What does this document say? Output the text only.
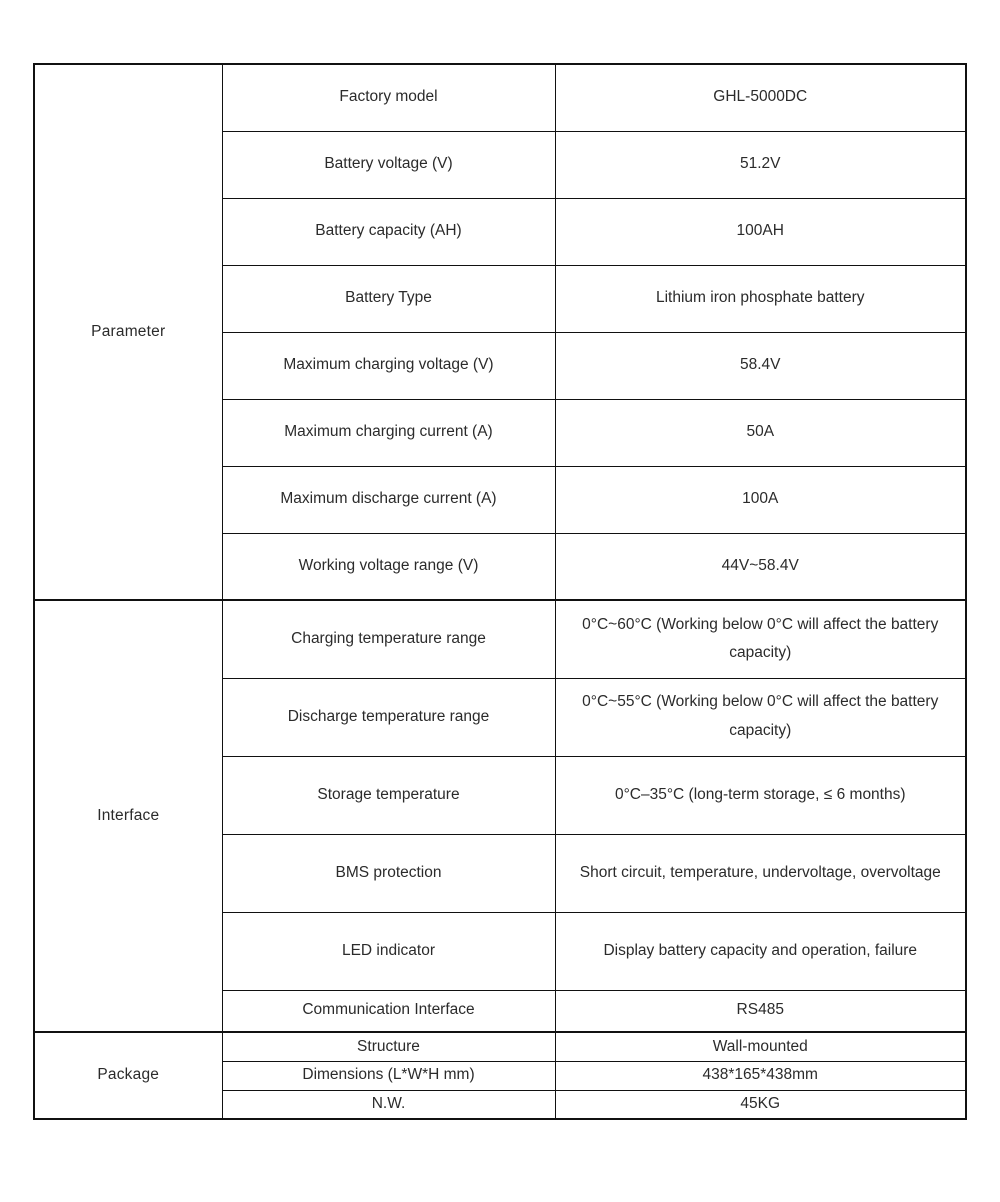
Parameter	Factory model	GHL-5000DC
	Battery voltage (V)	51.2V
	Battery capacity (AH)	100AH
	Battery Type	Lithium iron phosphate battery
	Maximum charging voltage (V)	58.4V
	Maximum charging current (A)	50A
	Maximum discharge current (A)	100A
	Working voltage range (V)	44V~58.4V
Interface	Charging temperature range	0°C~60°C (Working below 0°C will affect the battery capacity)
	Discharge temperature range	0°C~55°C (Working below 0°C will affect the battery capacity)
	Storage temperature	0°C–35°C (long-term storage, ≤ 6 months)
	BMS protection	Short circuit, temperature, undervoltage, overvoltage
	LED indicator	Display battery capacity and operation, failure
	Communication Interface	RS485
Package	Structure	Wall-mounted
	Dimensions (L*W*H mm)	438*165*438mm
	N.W.	45KG
